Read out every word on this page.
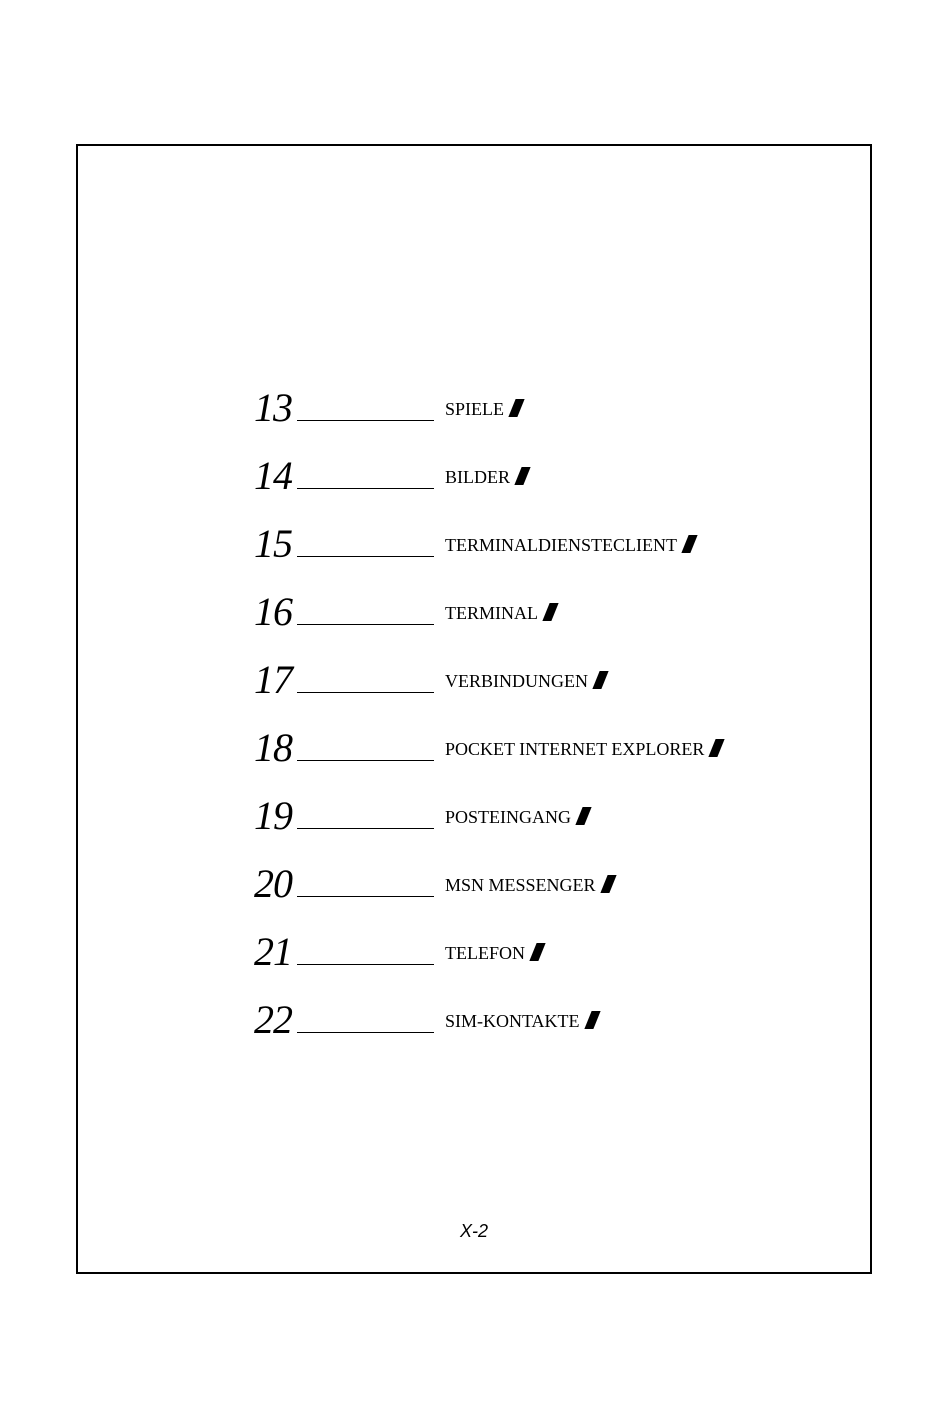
13	SPIELE
14	BILDER
15	TERMINALDIENSTECLIENT
16	TERMINAL
17	VERBINDUNGEN
18	POCKET INTERNET EXPLORER
19	POSTEINGANG
20	MSN MESSENGER
21	TELEFON
22	SIM-KONTAKTE
X-2
